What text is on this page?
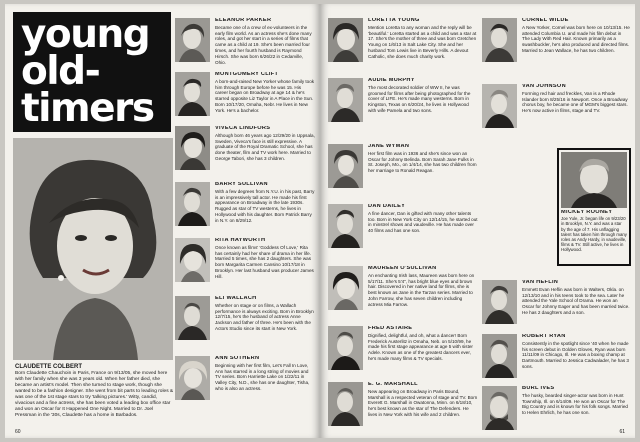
young
old-
timers
CLAUDETTE COLBERT
Born Claudette Chauchoin in Paris, France on 9/13/05, she moved here with her family when she was 3 years old. When her father died, she became an artist's model. Then she turned to stage work, though she wanted to be a fashion designer. She went from bit parts to leading roles & was one of the 1st stage stars to try 'talking pictures.' Witty, candid, vivacious and a fine actress, she has been voted a leading box office star and won an Oscar for It Happened One Night. Married to Dr. Joel Pressman in the '30s, Claudette has a home in Barbados.
ELEANOR PARKER
Became one of a crew of ex-volunteers in the early film world. As an actress she's done many roles, and got her start in a series of films that came as a child at 19. She's been married four times, and her fourth husband is Raymond Hirsch. She was born 6/26/22 in Cedarville, Ohio.
MONTGOMERY CLIFT
A born-and-raised New Yorker whose family took him through Europe before he was 15. His career began on Broadway at age 14 & he's starred opposite Liz Taylor in A Place in the Sun. Born 10/17/20, Omaha, Nebr. He lives in New York. He's a bachelor.
VIVECA LINDFORS
Although born 46 years ago 12/29/20 in Uppsala, Sweden, Viveca's face is still expressive. A graduate of the Royal Dramatic School, she has done theater, film and TV work here. Married to George Tabori, she has 3 children.
BARRY SULLIVAN
With a few degrees from N.Y.U. in his past, Barry is an impressively tall actor. He made his first appearance on Broadway in the late 1930s. Rugged as star of TV westerns, he lives in Hollywood with his daughter. Born Patrick Barry in N.Y. on 8/29/12.
RITA HAYWORTH
Once known as films' 'Goddess Of Love,' Rita has certainly had her share of drama in her life. Married 5 times, she has 2 daughters. She was born Margarita Carmen Cansino 10/17/18 in Brooklyn. Her last husband was producer James Hill.
ELI WALLACH
Whether on stage or on films, a Wallach performance is always exciting. Born in Brooklyn 12/7/15, he's the husband of actress Anne Jackson and father of three. He's been with the Actors Studio since its start in New York.
ANN SOTHERN
Beginning with her first film, Let's Fall In Love, Ann has starred in a long string of movies and TV series. Born Harriette Lake on 1/22/11 in Valley City, N.D., she has one daughter, Tisha, who is also an actress.
60
LORETTA YOUNG
Mention Loretta to any woman and the reply will be 'beautiful.' Loretta started as a child and was a star at 17. She's the mother of three and was born Gretchen Young on 1/6/13 in Salt Lake City. She and her husband Tom Lewis live in Beverly Hills. A devout Catholic, she does much charity work.
AUDIE MURPHY
The most decorated soldier of WW II, he was groomed for films after being photographed for the cover of LIFE. He's made many westerns. Born in Kingston, Texas on 6/20/24, he lives in Hollywood with wife Pamela and two sons.
JANE WYMAN
Her first film was in 1936 and she's since won an Oscar for Johnny Belinda. Born Sarah Jane Fulks in St. Joseph, Mo., on 1/4/14, she has two children from her marriage to Ronald Reagan.
DAN DAILEY
A fine dancer, Dan is gifted with many other talents too. Born in New York City on 12/14/15, he started out in minstrel shows and vaudeville. He has made over 40 films and has one son.
MAUREEN O'SULLIVAN
An enchanting Irish lass, Maureen was born here on 5/17/11. She's 5'4", has bright blue eyes and brown hair. Discovered in her native land for films, she is best known as Jane in the Tarzan series. Married to John Farrow, she has seven children including actress Mia Farrow.
FRED ASTAIRE
Dignified, delightful, and oh, what a dancer! Born Frederick Austerlitz in Omaha, Neb. on 5/10/99, he made his first stage appearance at age 5 with sister Adele. Known as one of the greatest dancers ever, he's made many films & TV specials.
E. G. MARSHALL
New appearing on Broadway in Paris Bound, Marshall is a respected veteran of stage and TV. Born Everett G. Marshall in Owatonna, Minn. on 6/18/10, he's best known as the star of The Defenders. He lives in New York with his wife and 2 children.
CORNEL WILDE
A New Yorker, Cornel was born here on 10/13/15. He attended Columbia U. and made his film debut in The Lady With Red Hair. Known primarily as a swashbuckler, he's also produced and directed films. Married to Jean Wallace, he has two children.
VAN JOHNSON
Forming red hair and freckles, Van is a Rhode Islander born 8/25/16 in Newport. Once a Broadway chorus boy, he became one of MGM's biggest stars. He's now active in films, stage and TV.
MICKEY ROONEY
Joe Yule, Jr. began life on 9/23/20 in Brooklyn, N.Y. and was a star by the age of 7. His unflagging talent has taken him through many roles as Andy Hardy, in vaudeville, films & TV. Still active, he lives in Hollywood.
VAN HEFLIN
Emmett Evan Heflin was born in Walters, Okla. on 12/13/10 and in his teens took to the sea. Later he attended the Yale School of Drama. He won an Oscar for Johnny Eager and has been married twice. He has 2 daughters and a son.
ROBERT RYAN
Consistently in the spotlight since '40 when he made his screen debut in Golden Gloves, Ryan was born 11/11/09 in Chicago, Ill. He was a boxing champ at Dartmouth. Married to Jessica Cadwalader, he has 3 sons.
BURL IVES
The husky, bearded singer-actor was born in Hunt Township, Ill. on 6/14/09. He won an Oscar for The Big Country and is known for his folk songs. Married to Helen Ehrlich, he has one son.
61
